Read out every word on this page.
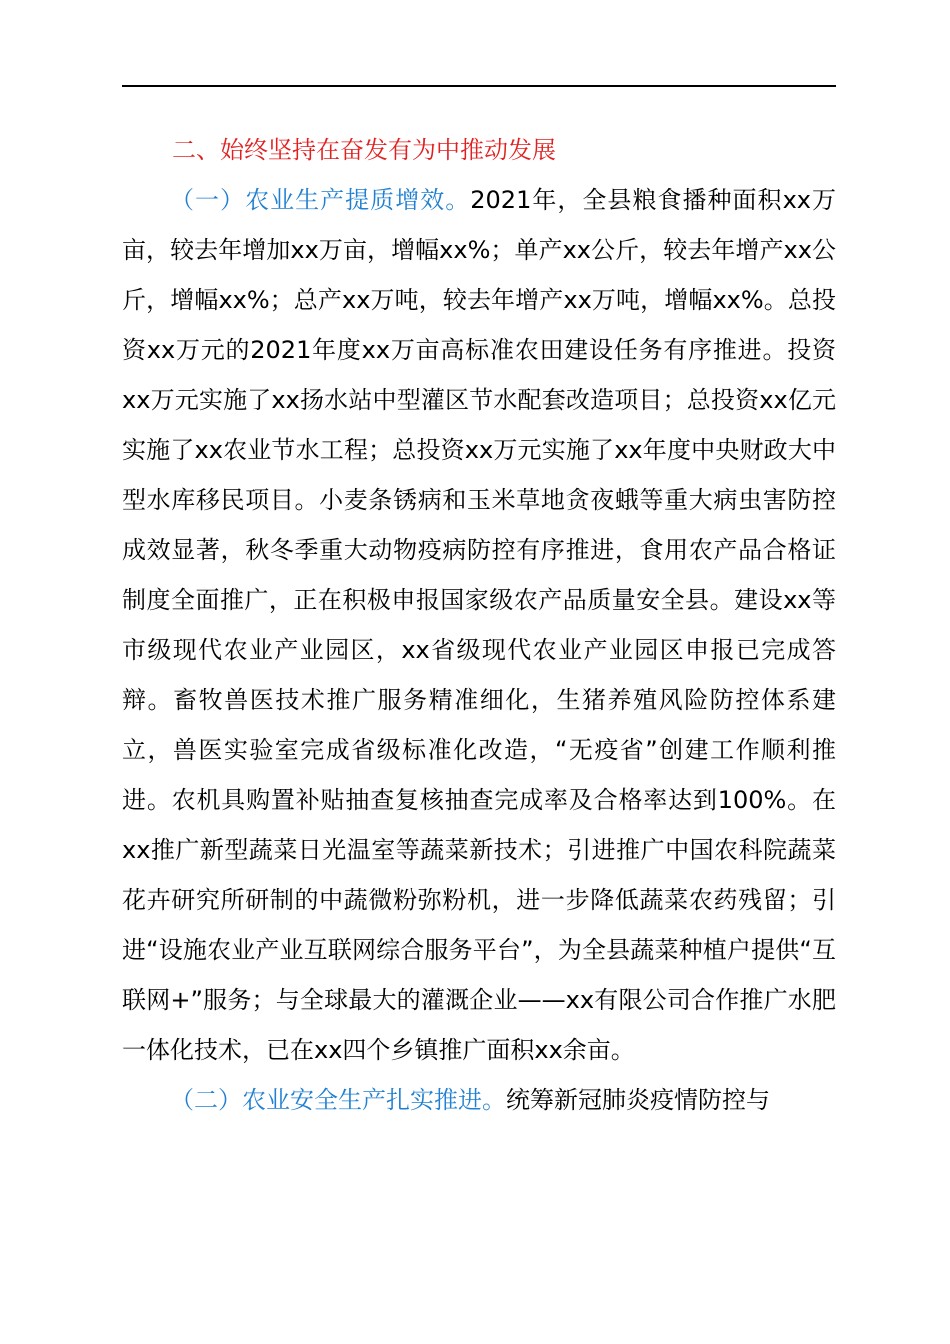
二、始终坚持在奋发有为中推动发展

（一）农业生产提质增效。2021年，全县粮食播种面积xx万亩，较去年增加xx万亩，增幅xx%；单产xx公斤，较去年增产xx公斤，增幅xx%；总产xx万吨，较去年增产xx万吨，增幅xx%。总投资xx万元的2021年度xx万亩高标准农田建设任务有序推进。投资xx万元实施了xx扬水站中型灌区节水配套改造项目；总投资xx亿元实施了xx农业节水工程；总投资xx万元实施了xx年度中央财政大中型水库移民项目。小麦条锈病和玉米草地贪夜蛾等重大病虫害防控成效显著，秋冬季重大动物疫病防控有序推进，食用农产品合格证制度全面推广，正在积极申报国家级农产品质量安全县。建设xx等市级现代农业产业园区，xx省级现代农业产业园区申报已完成答辩。畜牧兽医技术推广服务精准细化，生猪养殖风险防控体系建立，兽医实验室完成省级标准化改造，“无疫省”创建工作顺利推进。农机具购置补贴抽查复核抽查完成率及合格率达到100%。在xx推广新型蔬菜日光温室等蔬菜新技术；引进推广中国农科院蔬菜花卉研究所研制的中蔬微粉弥粉机，进一步降低蔬菜农药残留；引进“设施农业产业互联网综合服务平台”，为全县蔬菜种植户提供“互联网+”服务；与全球最大的灌溉企业——xx有限公司合作推广水肥一体化技术，已在xx四个乡镇推广面积xx余亩。

（二）农业安全生产扎实推进。统筹新冠肺炎疫情防控与
